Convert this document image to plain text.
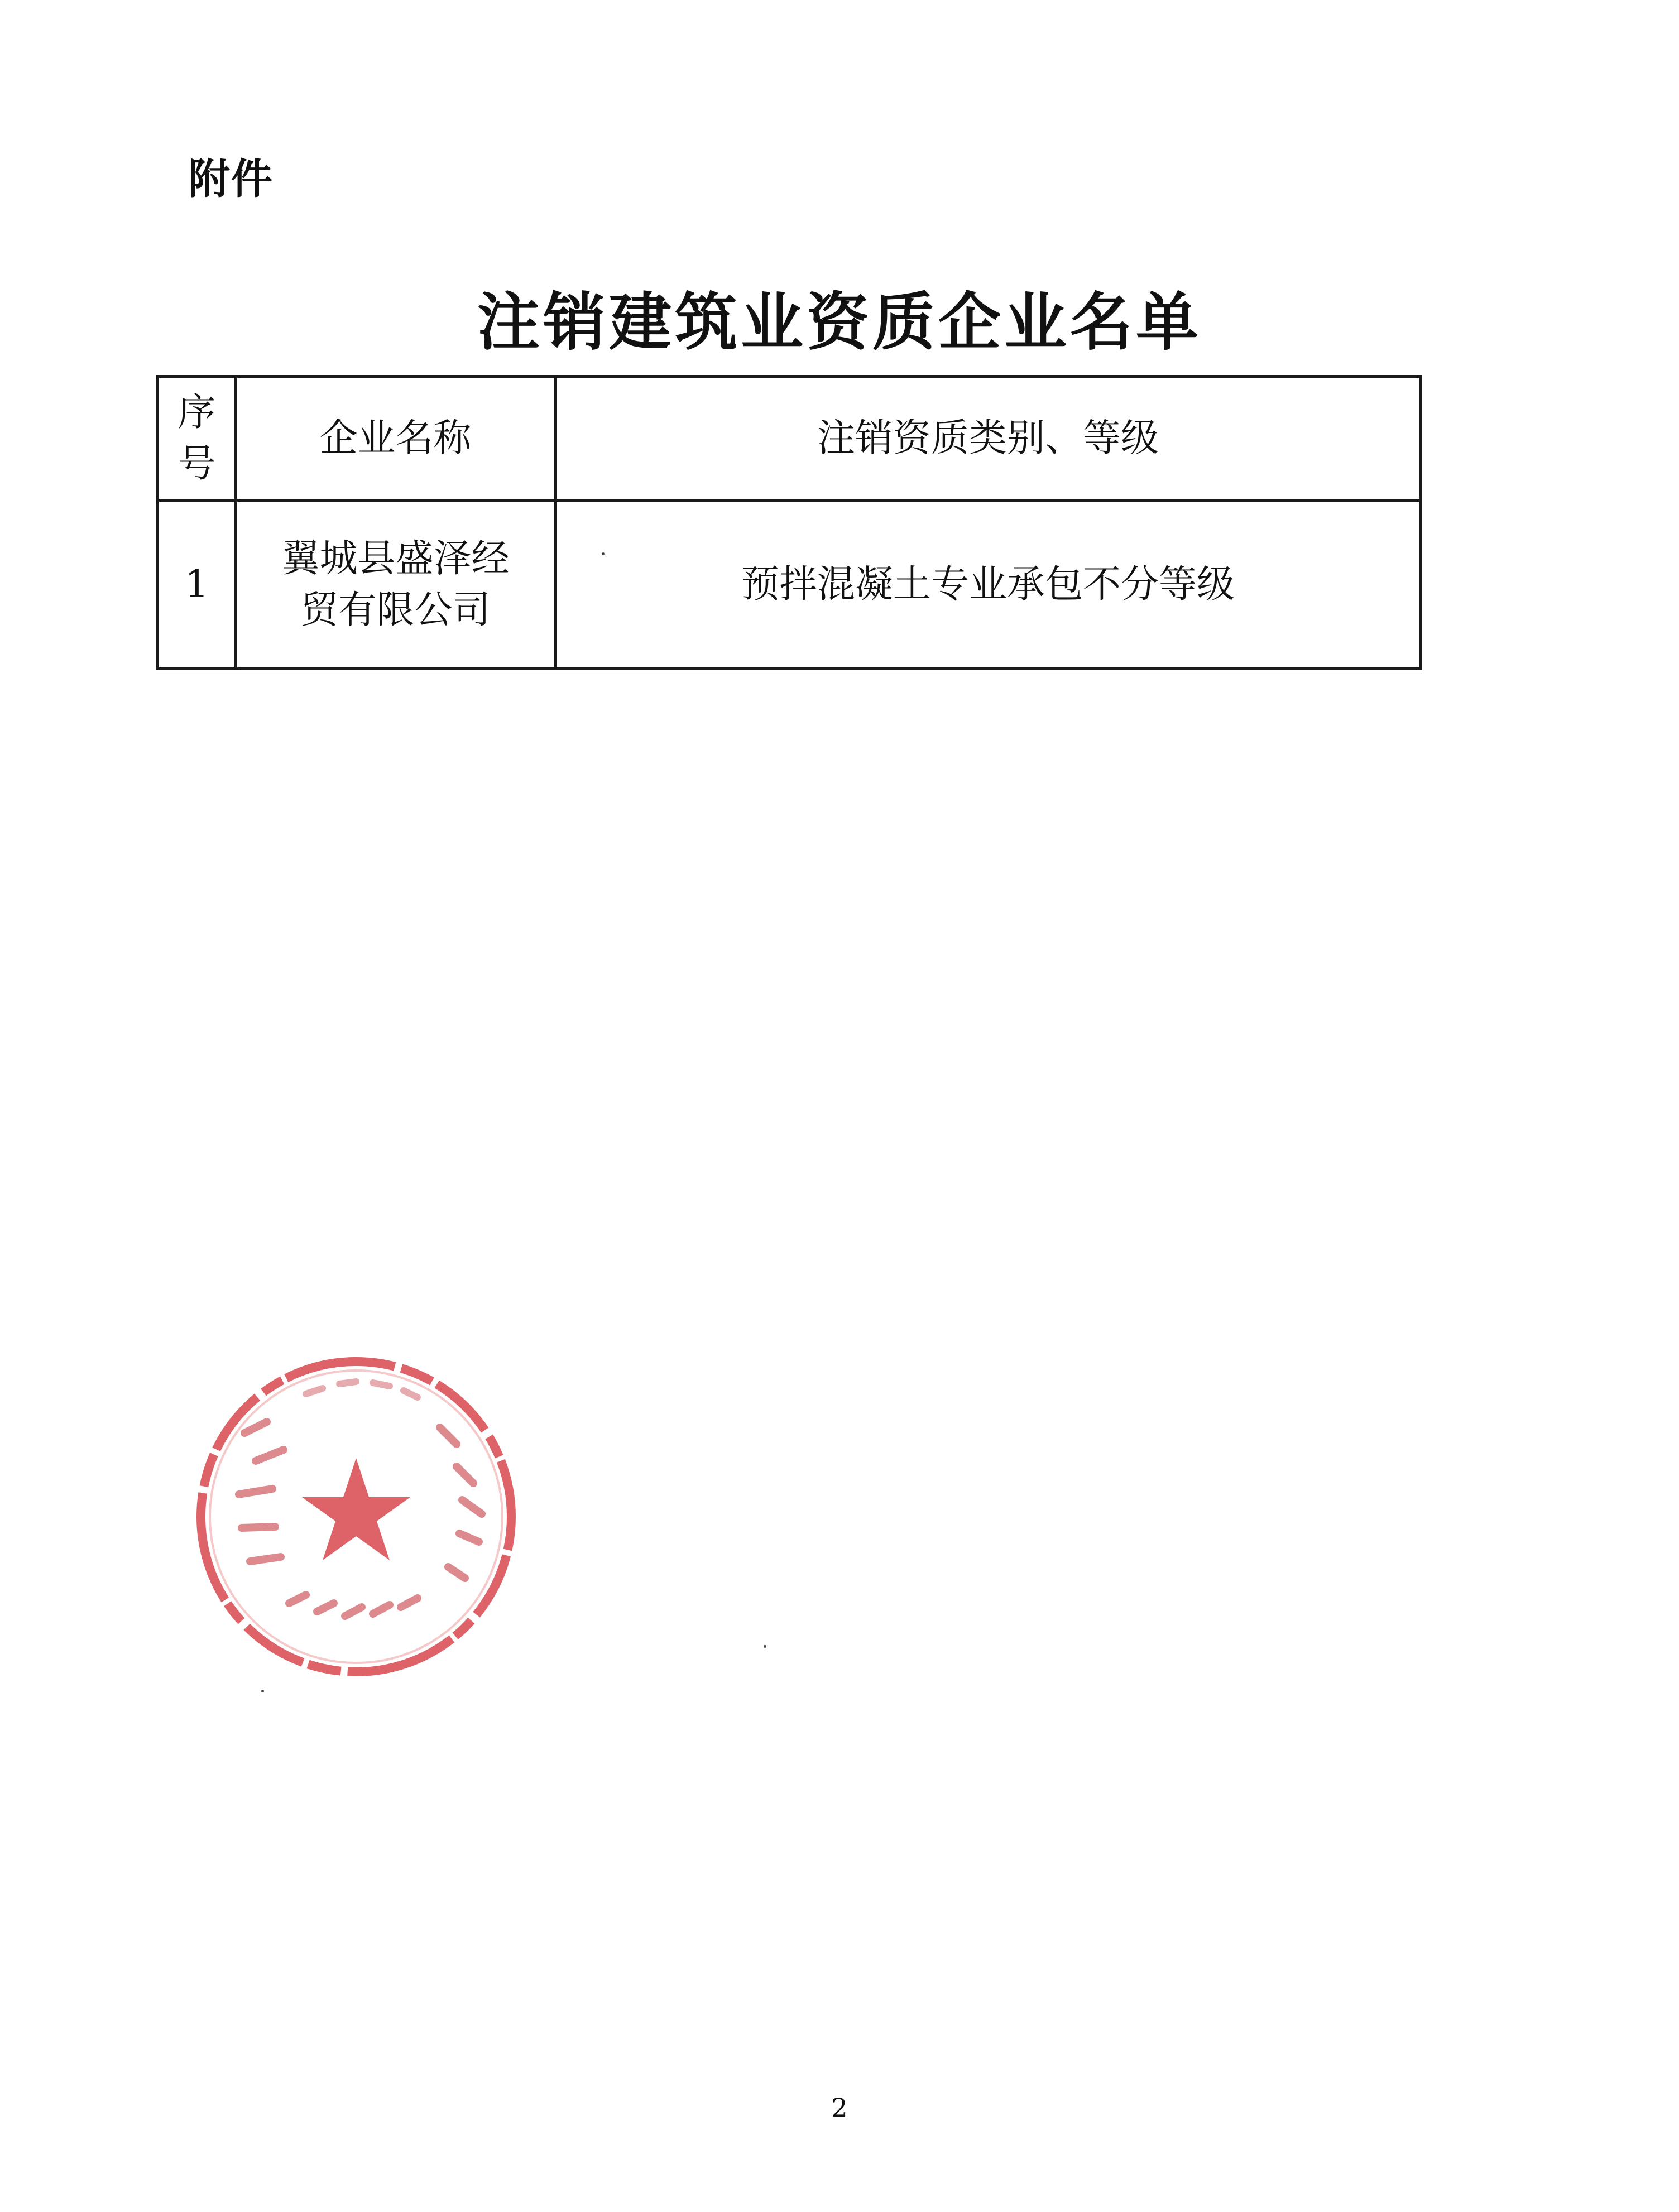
附件
注销建筑业资质企业名单
序号	企业名称	注销资质类别、等级
1	翼城县盛泽经贸有限公司	预拌混凝土专业承包不分等级
2
